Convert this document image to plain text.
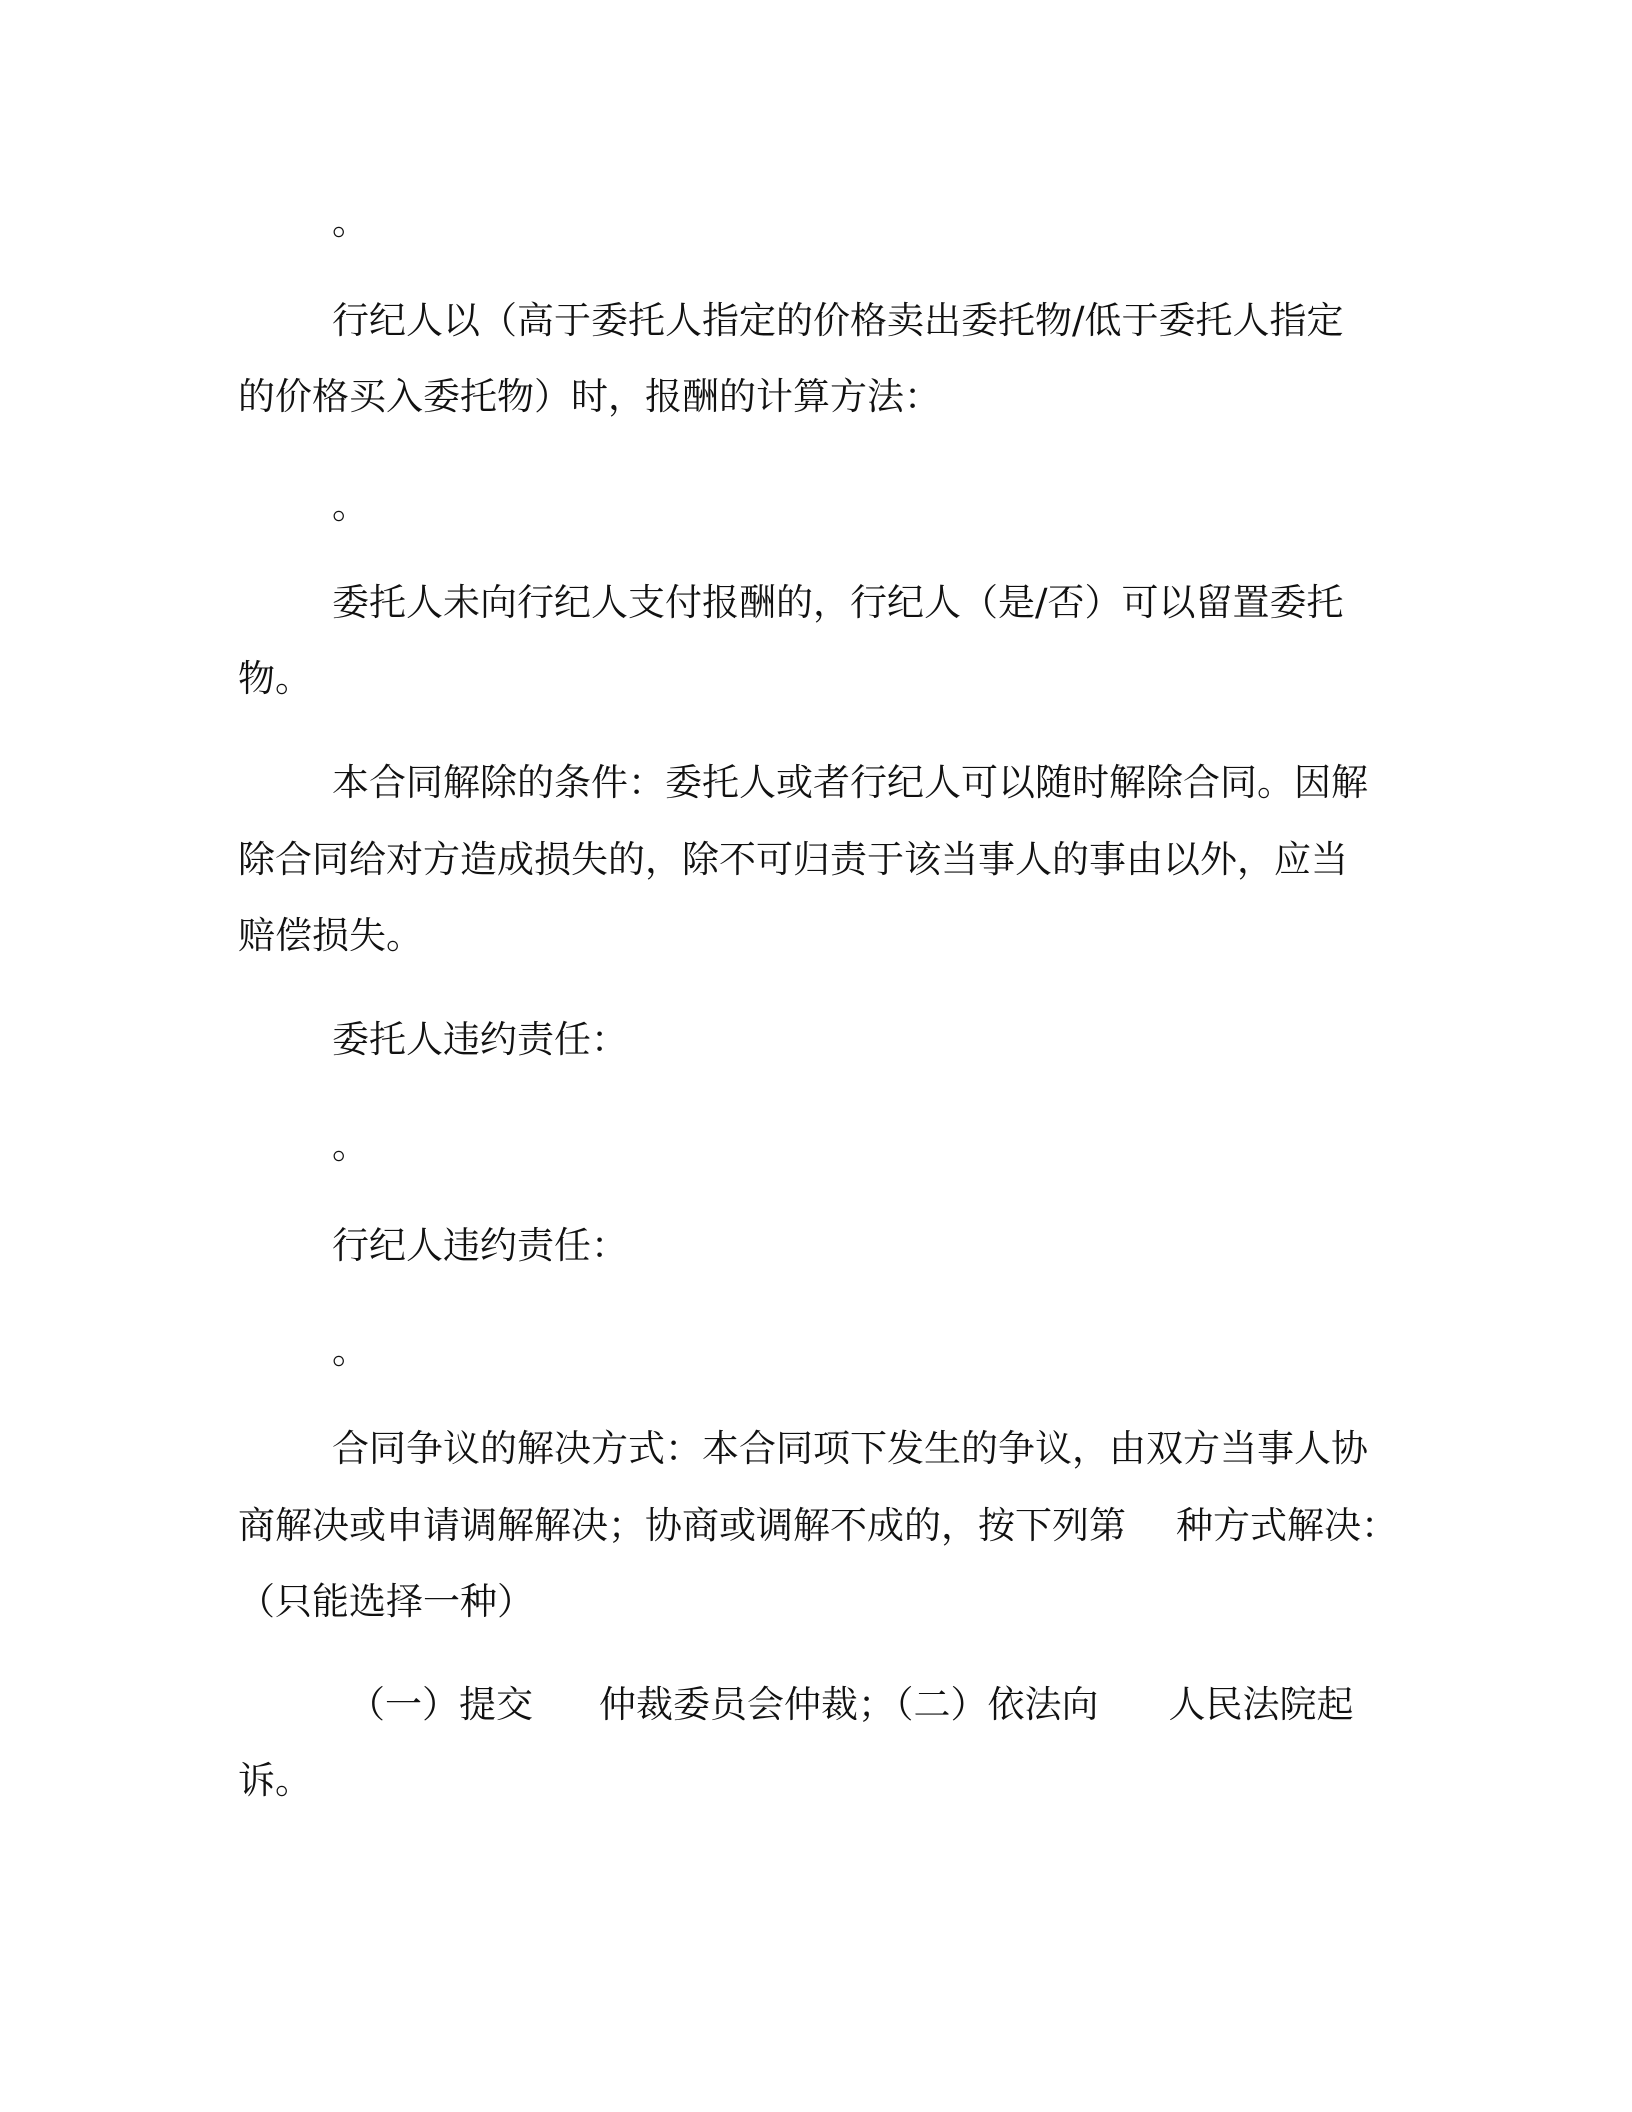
。

行纪人以（高于委托人指定的价格卖出委托物/低于委托人指定

的价格买入委托物）时，报酬的计算方法：

。

委托人未向行纪人支付报酬的，行纪人（是/否）可以留置委托

物。

本合同解除的条件：委托人或者行纪人可以随时解除合同。因解

除合同给对方造成损失的，除不可归责于该当事人的事由以外，应当

赔偿损失。

委托人违约责任：

。

行纪人违约责任：

。

合同争议的解决方式：本合同项下发生的争议，由双方当事人协

商解决或申请调解解决；协商或调解不成的，按下列第 种方式解决：

（只能选择一种）

（一）提交 仲裁委员会仲裁；（二）依法向 人民法院起

诉。
